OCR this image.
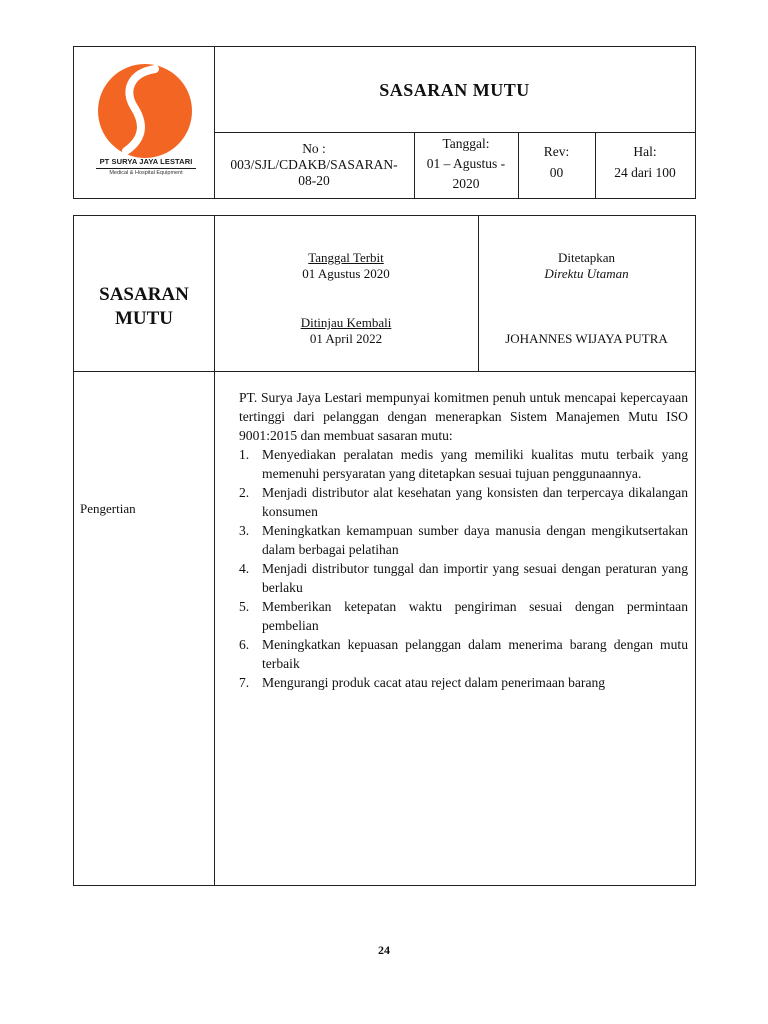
PT SURYA JAYA LESTARI
Medical & Hospital Equipment
SASARAN MUTU
No :
003/SJL/CDAKB/SASARAN-
08-20
Tanggal:
01 – Agustus -
2020
Rev:
00
Hal:
24 dari 100
SASARAN
MUTU
Tanggal Terbit
01 Agustus 2020
Ditinjau Kembali
01 April 2022
Ditetapkan
Direktu Utaman
JOHANNES WIJAYA PUTRA
Pengertian

PT. Surya Jaya Lestari mempunyai komitmen penuh untuk mencapai kepercayaan tertinggi dari pelanggan dengan menerapkan Sistem Manajemen Mutu ISO 9001:2015 dan membuat sasaran mutu:

1. Menyediakan peralatan medis yang memiliki kualitas mutu terbaik yang memenuhi persyaratan yang ditetapkan sesuai tujuan penggunaannya.
2. Menjadi distributor alat kesehatan yang konsisten dan terpercaya dikalangan konsumen
3. Meningkatkan kemampuan sumber daya manusia dengan mengikutsertakan dalam berbagai pelatihan
4. Menjadi distributor tunggal dan importir yang sesuai dengan peraturan yang berlaku
5. Memberikan ketepatan waktu pengiriman sesuai dengan permintaan pembelian
6. Meningkatkan kepuasan pelanggan dalam menerima barang dengan mutu terbaik
7. Mengurangi produk cacat atau reject dalam penerimaan barang
24
